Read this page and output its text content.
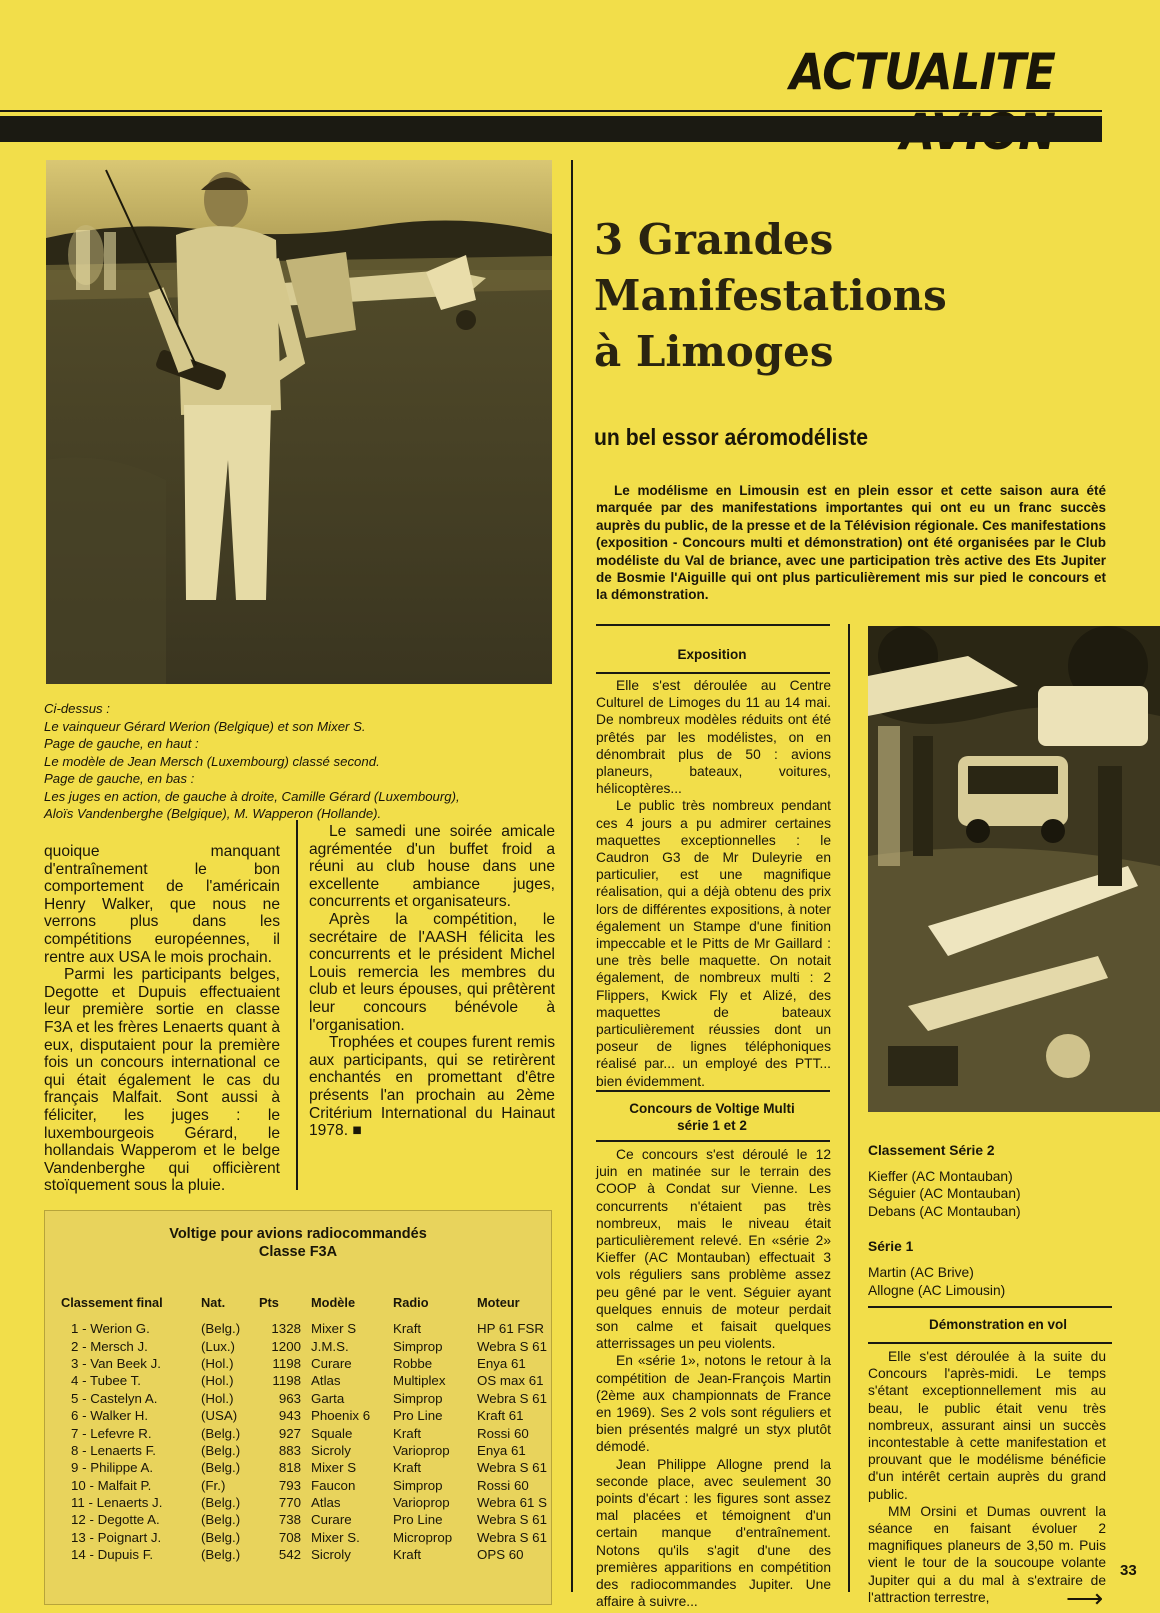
ACTUALITE
3 Grandes
Manifestations
à Limoges
un bel essor aéromodéliste
Le modélisme en Limousin est en plein essor et cette saison aura été marquée par des manifestations importantes qui ont eu un franc succès auprès du public, de la presse et de la Télévision régionale. Ces manifestations (exposition - Concours multi et démonstration) ont été organisées par le Club modéliste du Val de briance, avec une participation très active des Ets Jupiter de Bosmie l'Aiguille qui ont plus particulièrement mis sur pied le concours et la démonstration.
Ci-dessus :
Le vainqueur Gérard Werion (Belgique) et son Mixer S.
Page de gauche, en haut :
Le modèle de Jean Mersch (Luxembourg) classé second.
Page de gauche, en bas :
Les juges en action, de gauche à droite, Camille Gérard (Luxembourg),
Aloïs Vandenberghe (Belgique), M. Wapperon (Hollande).

quoique manquant d'entraînement le bon comportement de l'américain Henry Walker, que nous ne verrons plus dans les compétitions européennes, il rentre aux USA le mois prochain.

Parmi les participants belges, Degotte et Dupuis effectuaient leur première sortie en classe F3A et les frères Lenaerts quant à eux, disputaient pour la première fois un concours international ce qui était également le cas du français Malfait. Sont aussi à féliciter, les juges : le luxembourgeois Gérard, le hollandais Wapperom et le belge Vandenberghe qui officièrent stoïquement sous la pluie.

Le samedi une soirée amicale agrémentée d'un buffet froid a réuni au club house dans une excellente ambiance juges, concurrents et organisateurs.

Après la compétition, le secrétaire de l'AASH félicita les concurrents et le président Michel Louis remercia les membres du club et leurs épouses, qui prêtèrent leur concours bénévole à l'organisation.

Trophées et coupes furent remis aux participants, qui se retirèrent enchantés en promettant d'être présents l'an prochain au 2ème Critérium International du Hainaut 1978. ■

Exposition

Elle s'est déroulée au Centre Culturel de Limoges du 11 au 14 mai. De nombreux modèles réduits ont été prêtés par les modélistes, on en dénombrait plus de 50 : avions planeurs, bateaux, voitures, hélicoptères...

Le public très nombreux pendant ces 4 jours a pu admirer certaines maquettes exceptionnelles : le Caudron G3 de Mr Duleyrie en particulier, est une magnifique réalisation, qui a déjà obtenu des prix lors de différentes expositions, à noter également un Stampe d'une finition impeccable et le Pitts de Mr Gaillard : une très belle maquette. On notait également, de nombreux multi : 2 Flippers, Kwick Fly et Alizé, des maquettes de bateaux particulièrement réussies dont un poseur de lignes téléphoniques réalisé par... un employé des PTT... bien évidemment.

Concours de Voltige Multi
série 1 et 2

Ce concours s'est déroulé le 12 juin en matinée sur le terrain des COOP à Condat sur Vienne. Les concurrents n'étaient pas très nombreux, mais le niveau était particulièrement relevé. En «série 2» Kieffer (AC Montauban) effectuait 3 vols réguliers sans problème assez peu gêné par le vent. Séguier ayant quelques ennuis de moteur perdait son calme et faisait quelques atterrissages un peu violents.

En «série 1», notons le retour à la compétition de Jean-François Martin (2ème aux championnats de France en 1969). Ses 2 vols sont réguliers et bien présentés malgré un styx plutôt démodé.

Jean Philippe Allogne prend la seconde place, avec seulement 30 points d'écart : les figures sont assez mal placées et témoignent d'un certain manque d'entraînement. Notons qu'ils s'agit d'une des premières apparitions en compétition des radiocommandes Jupiter. Une affaire à suivre...

Classement Série 2
Kieffer (AC Montauban)
Séguier (AC Montauban)
Debans (AC Montauban)
Série 1
Martin (AC Brive)
Allogne (AC Limousin)
Démonstration en vol

Elle s'est déroulée à la suite du Concours l'après-midi. Le temps s'étant exceptionnellement mis au beau, le public était venu très nombreux, assurant ainsi un succès incontestable à cette manifestation et prouvant que le modélisme bénéficie d'un intérêt certain auprès du grand public.

MM Orsini et Dumas ouvrent la séance en faisant évoluer 2 magnifiques planeurs de 3,50 m. Puis vient le tour de la soucoupe volante Jupiter qui a du mal à s'extraire de l'attraction terrestre,

Voltige pour avions radiocommandés
Classe F3A
Classement final	Nat.	Pts	Modèle	Radio	Moteur
1 - Werion G.	(Belg.)	1328	Mixer S	Kraft	HP 61 FSR
2 - Mersch J.	(Lux.)	1200	J.M.S.	Simprop	Webra S 61
3 - Van Beek J.	(Hol.)	1198	Curare	Robbe	Enya 61
4 - Tubee T.	(Hol.)	1198	Atlas	Multiplex	OS max 61
5 - Castelyn A.	(Hol.)	963	Garta	Simprop	Webra S 61
6 - Walker H.	(USA)	943	Phoenix 6	Pro Line	Kraft 61
7 - Lefevre R.	(Belg.)	927	Squale	Kraft	Rossi 60
8 - Lenaerts F.	(Belg.)	883	Sicroly	Varioprop	Enya 61
9 - Philippe A.	(Belg.)	818	Mixer S	Kraft	Webra S 61
10 - Malfait P.	(Fr.)	793	Faucon	Simprop	Rossi 60
11 - Lenaerts J.	(Belg.)	770	Atlas	Varioprop	Webra 61 S
12 - Degotte A.	(Belg.)	738	Curare	Pro Line	Webra S 61
13 - Poignart J.	(Belg.)	708	Mixer S.	Microprop	Webra S 61
14 - Dupuis F.	(Belg.)	542	Sicroly	Kraft	OPS 60
33
⟶
